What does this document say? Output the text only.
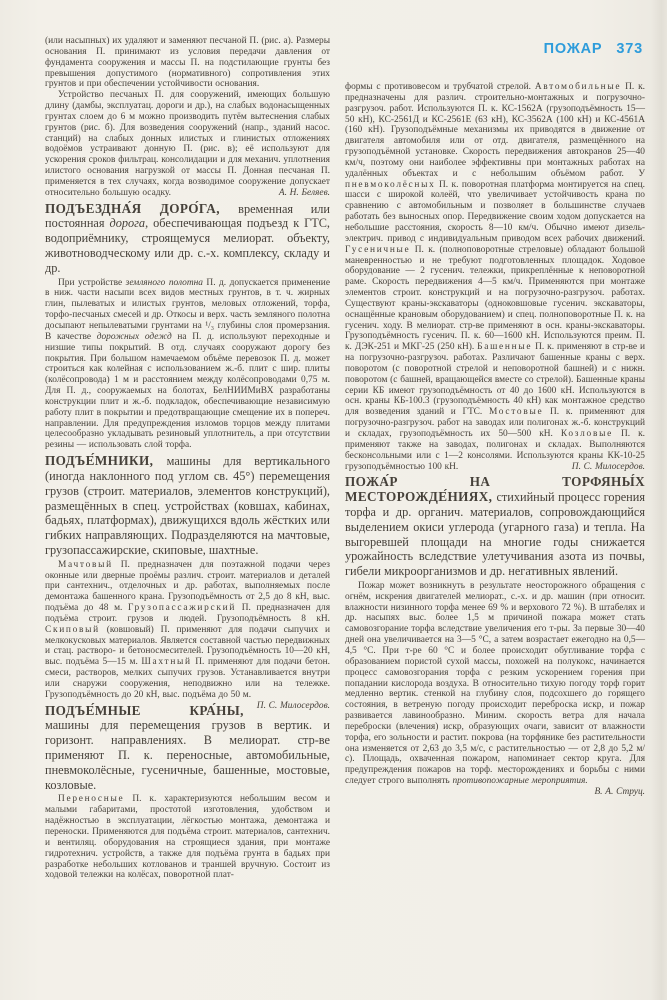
(или насыпных) их удаляют и заменяют песчаной П. (рис. а). Размеры основания П. принимают из условия передачи давления от фундамента сооружения и массы П. на подстилающие грунты без превышения допустимого (нормативного) сопротивления этих грунтов и при обеспечении устойчивости основания.

Устройство песчаных П. для сооружений, имеющих большую длину (дамбы, эксплуатац. дороги и др.), на слабых водонасыщенных грунтах слоем до 6 м можно производить путём вытеснения слабых грунтов (рис. б). Для возведения сооружений (напр., зданий насос. станций) на слабых донных илистых и глинистых отложениях водоёмов устраивают донную П. (рис. в); её используют для ускорения сроков фильтрац. консолидации и для механич. уплотнения илистого основания нагрузкой от массы П. Донная песчаная П. применяется в тех случаях, когда возводимое сооружение допускает относительно большую осадку.	А. Н. Беляев.

ПОДЪЕЗДНА́Я ДОРО́ГА, временная или постоянная дорога, обеспечивающая подъезд к ГТС, водоприёмнику, строящемуся мелиорат. объекту, животноводческому или др. с.-х. комплексу, складу и др.

При устройстве земляного полотна П. д. допускается применение в ниж. части насыпи всех видов местных грунтов, в т. ч. жирных глин, пылеватых и илистых грунтов, меловых отложений, торфа, торфо-песчаных смесей и др. Откосы и верх. часть земляного полотна досыпают непылеватыми грунтами на ¹/₃ глубины слоя промерзания. В качестве дорожных одежд на П. д. используют переходные и низшие типы покрытий. В отд. случаях сооружают дорогу без покрытия. При большом намечаемом объёме перевозок П. д. может строиться как колейная с использованием ж.-б. плит с шир. плиты (колёсопровода) 1 м и расстоянием между колёсопроводами 0,75 м. Для П. д., сооружаемых на болотах, БелНИИМиВХ разработаны конструкции плит и ж.-б. подкладок, обеспечивающие независимую работу плит в покрытии и предотвращающие смещение их в попереч. направлении. Для предупреждения изломов торцов между плитами целесообразно укладывать резиновый уплотнитель, а при отсутствии резины — использовать слой торфа.

ПОДЪЕ́МНИКИ, машины для вертикального (иногда наклонного под углом св. 45°) перемещения грузов (строит. материалов, элементов конструкций), размещённых в спец. устройствах (ковшах, кабинах, бадьях, платформах), движущихся вдоль жёстких или гибких направляющих. Подразделяются на мачтовые, грузопассажирские, скиповые, шахтные.

Мачтовый П. предназначен для поэтажной подачи через оконные или дверные проёмы различ. строит. материалов и деталей при сантехнич., отделочных и др. работах, выполняемых после демонтажа башенного крана. Грузоподъёмность от 2,5 до 8 кН, выс. подъёма до 48 м. Грузопассажирский П. предназначен для подъёма строит. грузов и людей. Грузоподъёмность 8 кН. Скиповый (ковшовый) П. применяют для подачи сыпучих и мелкокусковых материалов. Является составной частью передвижных и стац. растворо- и бетоносмесителей. Грузоподъёмность 10—20 кН, выс. подъёма 5—15 м. Шахтный П. применяют для подачи бетон. смеси, растворов, мелких сыпучих грузов. Устанавливается внутри или снаружи сооружения, неподвижно или на тележке. Грузоподъёмность до 20 кН, выс. подъёма до 50 м.
П. С. Милосердов.

ПОДЪЕ́МНЫЕ КРА́НЫ, машины для перемещения грузов в вертик. и горизонт. направлениях. В мелиорат. стр-ве применяют П. к. переносные, автомобильные, пневмоколёсные, гусеничные, башенные, мостовые, козловые.

Переносные П. к. характеризуются небольшим весом и малыми габаритами, простотой изготовления, удобством и надёжностью в эксплуатации, лёгкостью монтажа, демонтажа и переноски. Применяются для подъёма строит. материалов, сантехнич. и вентиляц. оборудования на строящиеся здания, при монтаже гидротехнич. устройств, а также для подъёма грунта в бадьях при разработке небольших котлованов и траншей вручную. Состоит из ходовой тележки на колёсах, поворотной плат-

ПОЖАР 373

формы с противовесом и трубчатой стрелой. Автомобильные П. к. предназначены для различ. строительно-монтажных и погрузочно-разгрузоч. работ. Используются П. к. КС-1562А (грузоподъёмность 15—50 кН), КС-2561Д и КС-2561Е (63 кН), КС-3562А (100 кН) и КС-4561А (160 кН). Грузоподъёмные механизмы их приводятся в движение от двигателя автомобиля или от отд. двигателя, размещённого на грузоподъёмной установке. Скорость передвижения автокранов 25—40 км/ч, поэтому они наиболее эффективны при монтажных работах на удалённых объектах и с небольшим объёмом работ. У пневмоколёсных П. к. поворотная платформа монтируется на спец. шасси с широкой колеёй, что увеличивает устойчивость крана по сравнению с автомобильным и позволяет в большинстве случаев работать без выносных опор. Передвижение своим ходом допускается на небольшие расстояния, скорость 8—10 км/ч. Обычно имеют дизель-электрич. привод с индивидуальным приводом всех рабочих движений. Гусеничные П. к. (полноповоротные стреловые) обладают большой маневренностью и не требуют подготовленных площадок. Ходовое оборудование — 2 гусенич. тележки, прикреплённые к неповоротной раме. Скорость передвижения 4—5 км/ч. Применяются при монтаже элементов строит. конструкций и на погрузочно-разгрузоч. работах. Существуют краны-экскаваторы (одноковшовые гусенич. экскаваторы, оснащённые крановым оборудованием) и спец. полноповоротные П. к. на гусенич. ходу. В мелиорат. стр-ве применяют в осн. краны-экскаваторы. Грузоподъёмность гусенич. П. к. 60—1600 кН. Используются преим. П. к. ДЭК-251 и МКГ-25 (250 кН). Башенные П. к. применяют в стр-ве и на погрузочно-разгрузоч. работах. Различают башенные краны с верх. поворотом (с поворотной стрелой и неповоротной башней) и с нижн. поворотом (с башней, вращающейся вместе со стрелой). Башенные краны серии КБ имеют грузоподъёмность от 40 до 1600 кН. Используются в осн. краны КБ-100.3 (грузоподъёмность 40 кН) как монтажное средство для возведения зданий и ГТС. Мостовые П. к. применяют для погрузочно-разгрузоч. работ на заводах или полигонах ж.-б. конструкций и складах, грузоподъёмность их 50—500 кН. Козловые П. к. применяют также на заводах, полигонах и складах. Выполняются бесконсольными или с 1—2 консолями. Используются краны КК-10-25 грузоподъёмностью 100 кН.	П. С. Милосердов.

ПОЖА́Р НА ТОРФЯНЫ́Х МЕСТОРОЖДЕ́НИЯХ, стихийный процесс горения торфа и др. органич. материалов, сопровождающийся выделением окиси углерода (угарного газа) и тепла. На выгоревшей площади на многие годы снижается урожайность вследствие улетучивания азота из почвы, гибели микроорганизмов и др. негативных явлений.

Пожар может возникнуть в результате неосторожного обращения с огнём, искрения двигателей мелиорат., с.-х. и др. машин (при относит. влажности низинного торфа менее 69 % и верхового 72 %). В штабелях и др. насыпях выс. более 1,5 м причиной пожара может стать самовозгорание торфа вследствие увеличения его т-ры. За первые 30—40 дней она увеличивается на 3—5 °С, а затем возрастает ежегодно на 0,5—4,5 °С. При т-ре 60 °С и более происходит обугливание торфа с образованием пористой сухой массы, похожей на полукокс, начинается процесс самовозгорания торфа с резким ускорением горения при попадании кислорода воздуха. В относительно тихую погоду торф горит медленно вертик. стенкой на глубину слоя, подсохшего до горящего состояния, в ветреную погоду происходит переброска искр, и пожар развивается лавинообразно. Миним. скорость ветра для начала переброски (влечения) искр, образующих очаги, зависит от влажности торфа, его зольности и растит. покрова (на торфянике без растительности она изменяется от 2,63 до 3,5 м/с, с растительностью — от 2,8 до 5,2 м/с). Площадь, охваченная пожаром, напоминает сектор круга. Для предупреждения пожаров на торф. месторождениях и борьбы с ними следует строго выполнять противопожарные мероприятия.
В. А. Струц.
